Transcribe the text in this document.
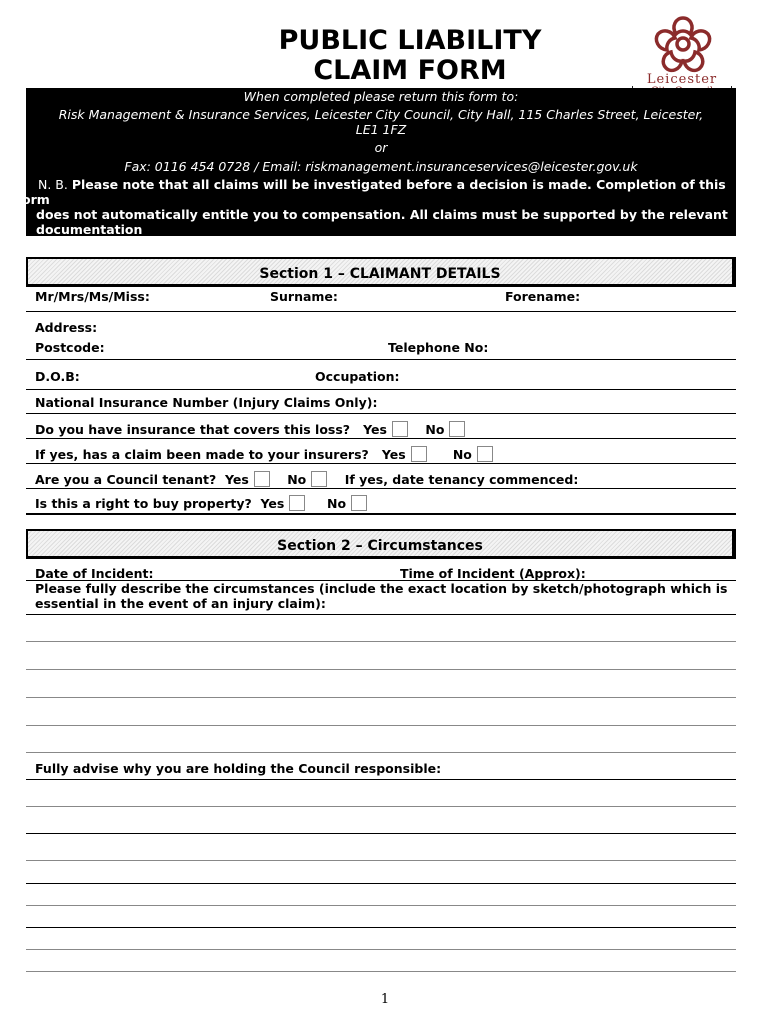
PUBLIC LIABILITY
CLAIM FORM	Leicester
When completed please return this form to:
Risk Management & Insurance Services, Leicester City Council, City Hall, 115 Charles Street, Leicester,
LE1 1FZ
or
Fax: 0116 454 0728 / Email: riskmanagement.insuranceservices@leicester.gov.uk
N. B. Please note that all claims will be investigated before a decision is made. Completion of this
orm
does not automatically entitle you to compensation. All claims must be supported by the relevant
documentation
Section 1 – CLAIMANT DETAILS
Mr/Mrs/Ms/Miss:	Surname:	Forename:
Address:
Postcode:	Telephone No:
D.O.B:	Occupation:
National Insurance Number (Injury Claims Only):
Do you have insurance that covers this loss? Yes	No
If yes, has a claim been made to your insurers? Yes	No
Are you a Council tenant? Yes	No	If yes, date tenancy commenced:
Is this a right to buy property? Yes	No
Section 2 – Circumstances
Date of Incident:	Time of Incident (Approx):
Please fully describe the circumstances (include the exact location by sketch/photograph which is
essential in the event of an injury claim):
Fully advise why you are holding the Council responsible:
1
